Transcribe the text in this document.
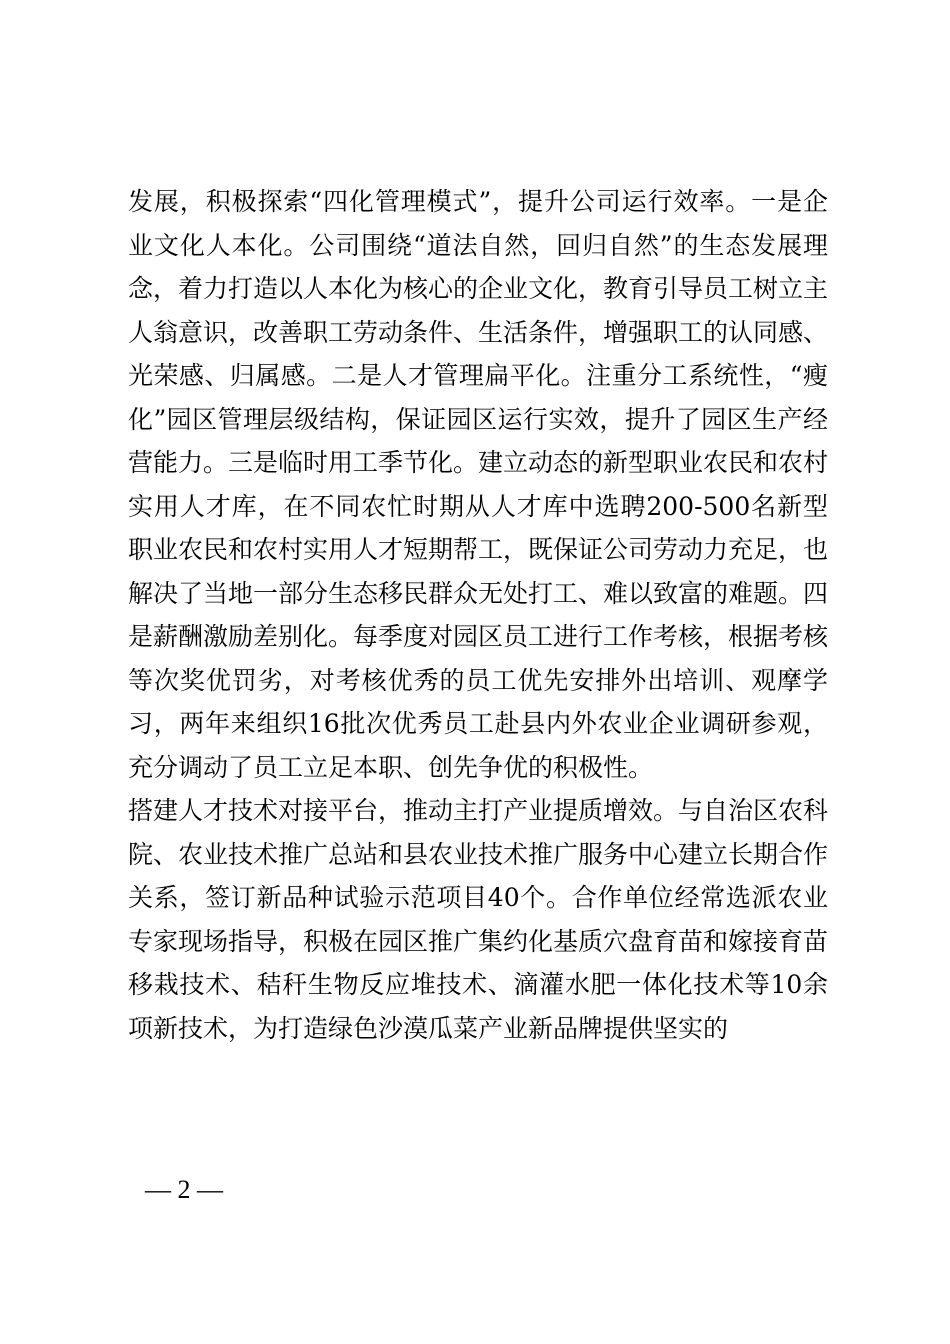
发展，积极探索“四化管理模式”，提升公司运行效率。一是企业文化人本化。公司围绕“道法自然，回归自然”的生态发展理念，着力打造以人本化为核心的企业文化，教育引导员工树立主人翁意识，改善职工劳动条件、生活条件，增强职工的认同感、光荣感、归属感。二是人才管理扁平化。注重分工系统性，“瘦化”园区管理层级结构，保证园区运行实效，提升了园区生产经营能力。三是临时用工季节化。建立动态的新型职业农民和农村实用人才库，在不同农忙时期从人才库中选聘200-500名新型职业农民和农村实用人才短期帮工，既保证公司劳动力充足，也解决了当地一部分生态移民群众无处打工、难以致富的难题。四是薪酬激励差别化。每季度对园区员工进行工作考核，根据考核等次奖优罚劣，对考核优秀的员工优先安排外出培训、观摩学习，两年来组织16批次优秀员工赴县内外农业企业调研参观，充分调动了员工立足本职、创先争优的积极性。

搭建人才技术对接平台，推动主打产业提质增效。与自治区农科院、农业技术推广总站和县农业技术推广服务中心建立长期合作关系，签订新品种试验示范项目40个。合作单位经常选派农业专家现场指导，积极在园区推广集约化基质穴盘育苗和嫁接育苗移栽技术、秸秆生物反应堆技术、滴灌水肥一体化技术等10余项新技术，为打造绿色沙漠瓜菜产业新品牌提供坚实的

— 2 —
